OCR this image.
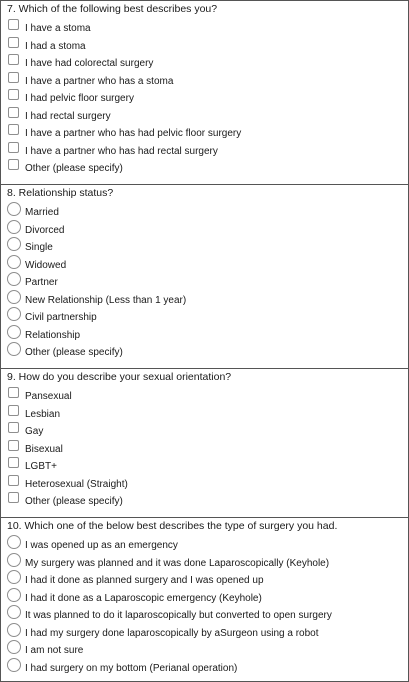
7. Which of the following best describes you?
I have a stoma
I had a stoma
I have had colorectal surgery
I have a partner who has a stoma
I had pelvic floor surgery
I had rectal surgery
I have a partner who has had pelvic floor surgery
I have a partner who has had rectal surgery
Other (please specify)
8. Relationship status?
Married
Divorced
Single
Widowed
Partner
New Relationship (Less than 1 year)
Civil partnership
Relationship
Other (please specify)
9. How do you describe your sexual orientation?
Pansexual
Lesbian
Gay
Bisexual
LGBT+
Heterosexual (Straight)
Other (please specify)
10. Which one of the below best describes the type of surgery you had.
I was opened up as an emergency
My surgery was planned and it was done Laparoscopically (Keyhole)
I had it done as planned surgery and I was opened up
I had it done as a Laparoscopic emergency (Keyhole)
It was planned to do it laparoscopically but converted to open surgery
I had my surgery done laparoscopically by aSurgeon using a robot
I am not sure
I had surgery on my bottom (Perianal operation)
